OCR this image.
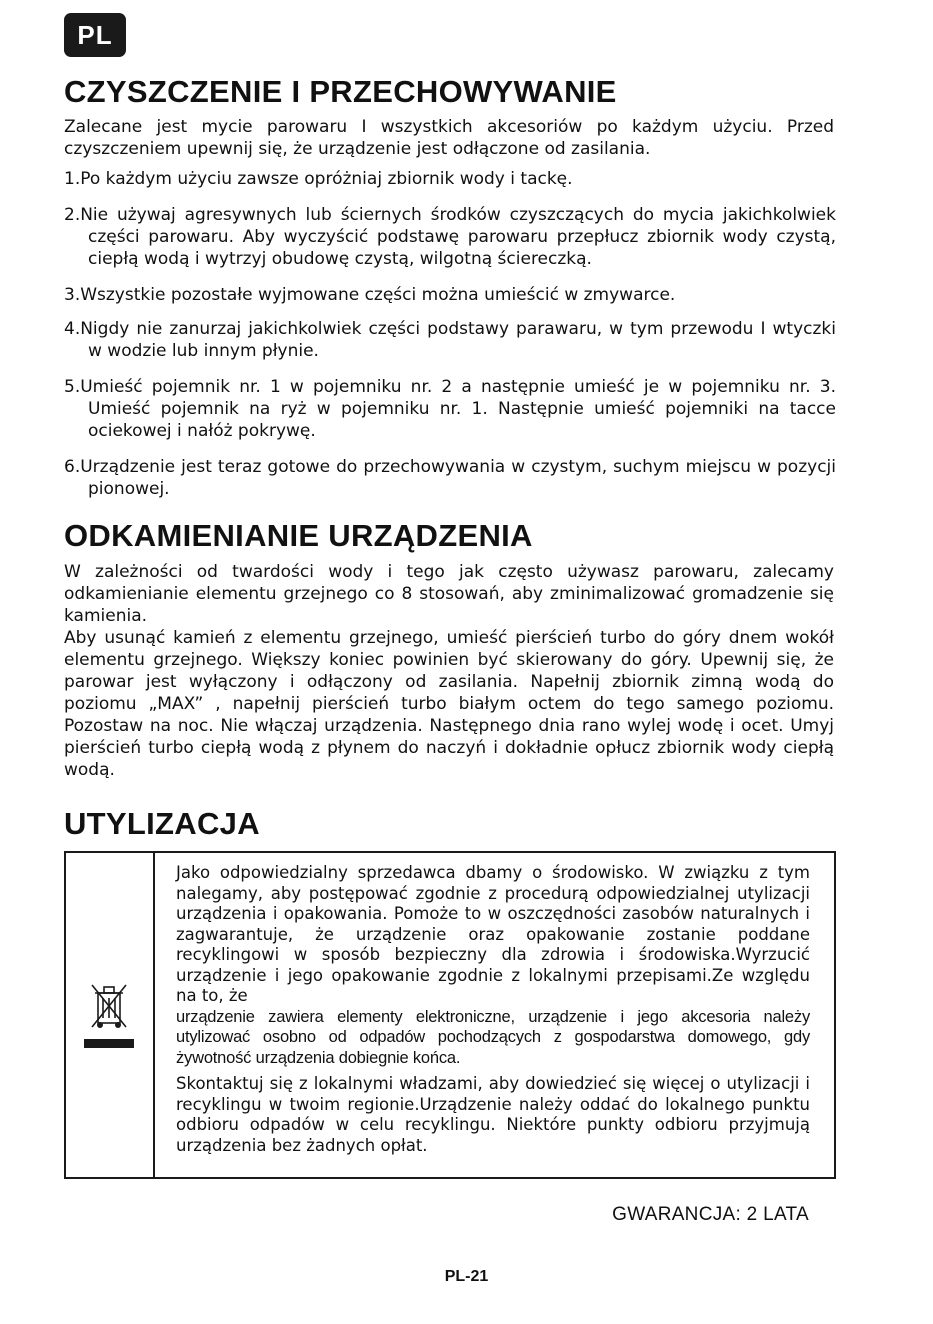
PL
CZYSZCZENIE I PRZECHOWYWANIE

Zalecane jest mycie parowaru I wszystkich akcesoriów po każdym użyciu. Przed czyszczeniem upewnij się, że urządzenie jest odłączone od zasilania.

1.Po każdym użyciu zawsze opróżniaj zbiornik wody i tackę.

2.Nie używaj agresywnych lub ściernych środków czyszczących do mycia jakichkolwiek części parowaru. Aby wyczyścić podstawę parowaru przepłucz zbiornik wody czystą, ciepłą wodą i wytrzyj obudowę czystą, wilgotną ściereczką.

3.Wszystkie pozostałe wyjmowane części można umieścić w zmywarce.

4.Nigdy nie zanurzaj jakichkolwiek części podstawy parawaru, w tym przewodu I wtyczki w wodzie lub innym płynie.

5.Umieść pojemnik nr. 1 w pojemniku nr. 2 a następnie umieść je w pojemniku nr. 3. Umieść pojemnik na ryż w pojemniku nr. 1. Następnie umieść pojemniki na tacce ociekowej i nałóż pokrywę.

6.Urządzenie jest teraz gotowe do przechowywania w czystym, suchym miejscu w pozycji pionowej.

ODKAMIENIANIE URZĄDZENIA

W zależności od twardości wody i tego jak często używasz parowaru, zalecamy odkamienianie elementu grzejnego co 8 stosowań, aby zminimalizować gromadzenie się kamienia.

Aby usunąć kamień z elementu grzejnego, umieść pierścień turbo do góry dnem wokół elementu grzejnego. Większy koniec powinien być skierowany do góry. Upewnij się, że parowar jest wyłączony i odłączony od zasilania. Napełnij zbiornik zimną wodą do poziomu „MAX” , napełnij pierścień turbo białym octem do tego samego poziomu. Pozostaw na noc. Nie włączaj urządzenia. Następnego dnia rano wylej wodę i ocet. Umyj pierścień turbo ciepłą wodą z płynem do naczyń i dokładnie opłucz zbiornik wody ciepłą wodą.

UTYLIZACJA

Jako odpowiedzialny sprzedawca dbamy o środowisko. W związku z tym nalegamy, aby postępować zgodnie z procedurą odpowiedzialnej utylizacji urządzenia i opakowania. Pomoże to w oszczędności zasobów naturalnych i zagwarantuje, że urządzenie oraz opakowanie zostanie poddane recyklingowi w sposób bezpieczny dla zdrowia i środowiska.Wyrzucić urządzenie i jego opakowanie zgodnie z lokalnymi przepisami.Ze względu na to, że

urządzenie zawiera elementy elektroniczne, urządzenie i jego akcesoria należy utylizować osobno od odpadów pochodzących z gospodarstwa domowego, gdy żywotność urządzenia dobiegnie końca.

Skontaktuj się z lokalnymi władzami, aby dowiedzieć się więcej o utylizacji i recyklingu w twoim regionie.Urządzenie należy oddać do lokalnego punktu odbioru odpadów w celu recyklingu. Niektóre punkty odbioru przyjmują urządzenia bez żadnych opłat.

GWARANCJA: 2 LATA
PL-21
